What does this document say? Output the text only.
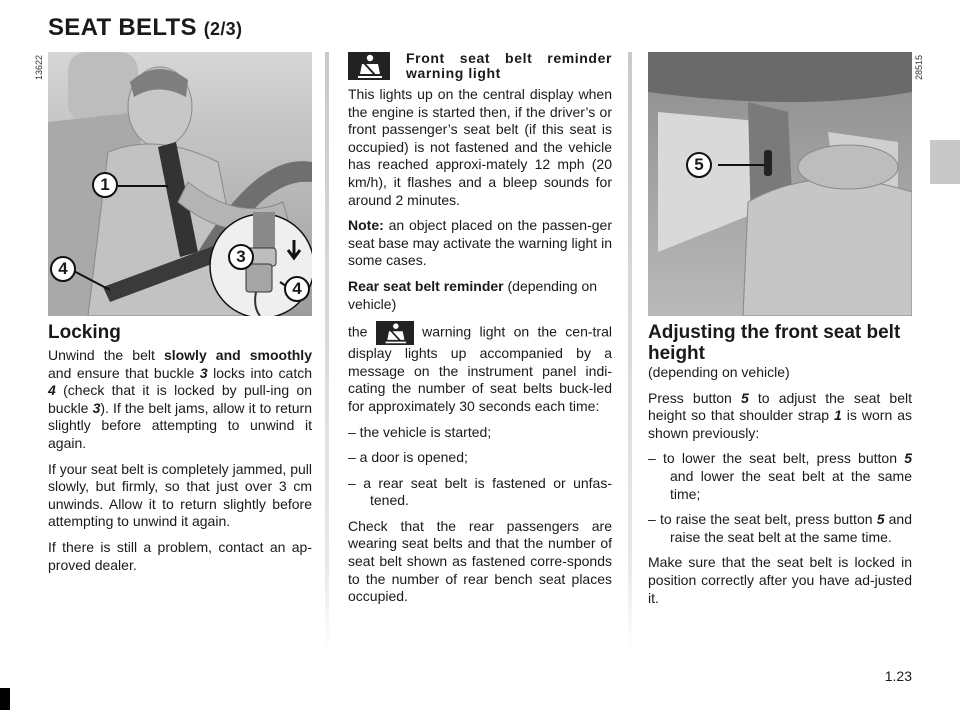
SEAT BELTS (2/3)
1.23
13622
1
4
3
4
28515
5
Locking

Unwind the belt slowly and smoothly and ensure that buckle 3 locks into catch 4 (check that it is locked by pull-ing on buckle 3). If the belt jams, allow it to return slightly before attempting to unwind it again.

If your seat belt is completely jammed, pull slowly, but firmly, so that just over 3 cm unwinds. Allow it to return slightly before attempting to unwind it again.

If there is still a problem, contact an ap-proved dealer.

Front seat belt reminder warning light

This lights up on the central display when the engine is started then, if the driver’s or front passenger’s seat belt (if this seat is occupied) is not fastened and the vehicle has reached approxi-mately 12 mph (20 km/h), it flashes and a bleep sounds for around 2 minutes.

Note: an object placed on the passen-ger seat base may activate the warning light in some cases.

Rear seat belt reminder (depending on vehicle)

the	warning light on the cen-tral display lights up accompanied by a message on the instrument panel indi-cating the number of seat belts buck-led for approximately 30 seconds each time:

– the vehicle is started;

– a door is opened;

– a rear seat belt is fastened or unfas-tened.

Check that the rear passengers are wearing seat belts and that the number of seat belt shown as fastened corre-sponds to the number of rear bench seat places occupied.

Adjusting the front seat belt height

(depending on vehicle)

Press button 5 to adjust the seat belt height so that shoulder strap 1 is worn as shown previously:

– to lower the seat belt, press button 5 and lower the seat belt at the same time;

– to raise the seat belt, press button 5 and raise the seat belt at the same time.

Make sure that the seat belt is locked in position correctly after you have ad-justed it.
